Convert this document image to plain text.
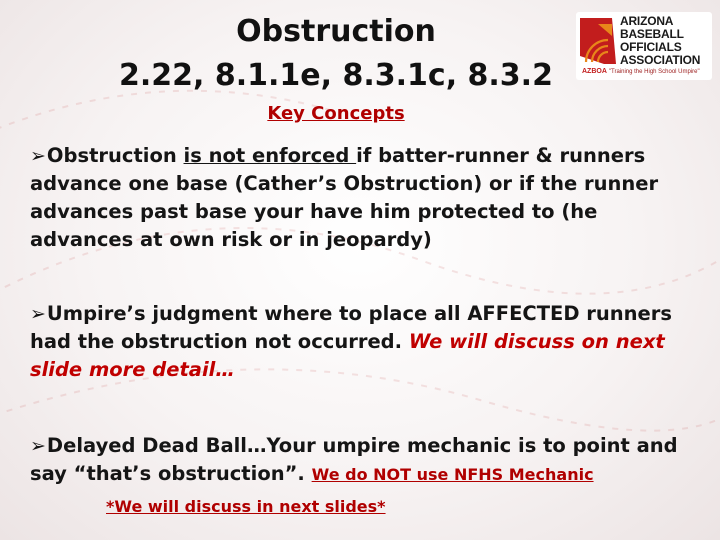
Obstruction
2.22, 8.1.1e, 8.3.1c, 8.3.2
Key Concepts
ARIZONA
BASEBALL
OFFICIALS
ASSOCIATION
AZBOA "Training the High School Umpire"
➢Obstruction is not enforced if batter-runner & runners advance one base (Cather’s Obstruction) or if the runner advances past base your have him protected to (he advances at own risk or in jeopardy)
➢Umpire’s judgment where to place all AFFECTED runners had the obstruction not occurred. We will discuss on next slide more detail…
➢Delayed Dead Ball…Your umpire mechanic is to point and say “that’s obstruction”. We do NOT use NFHS Mechanic
*We will discuss in next slides*
